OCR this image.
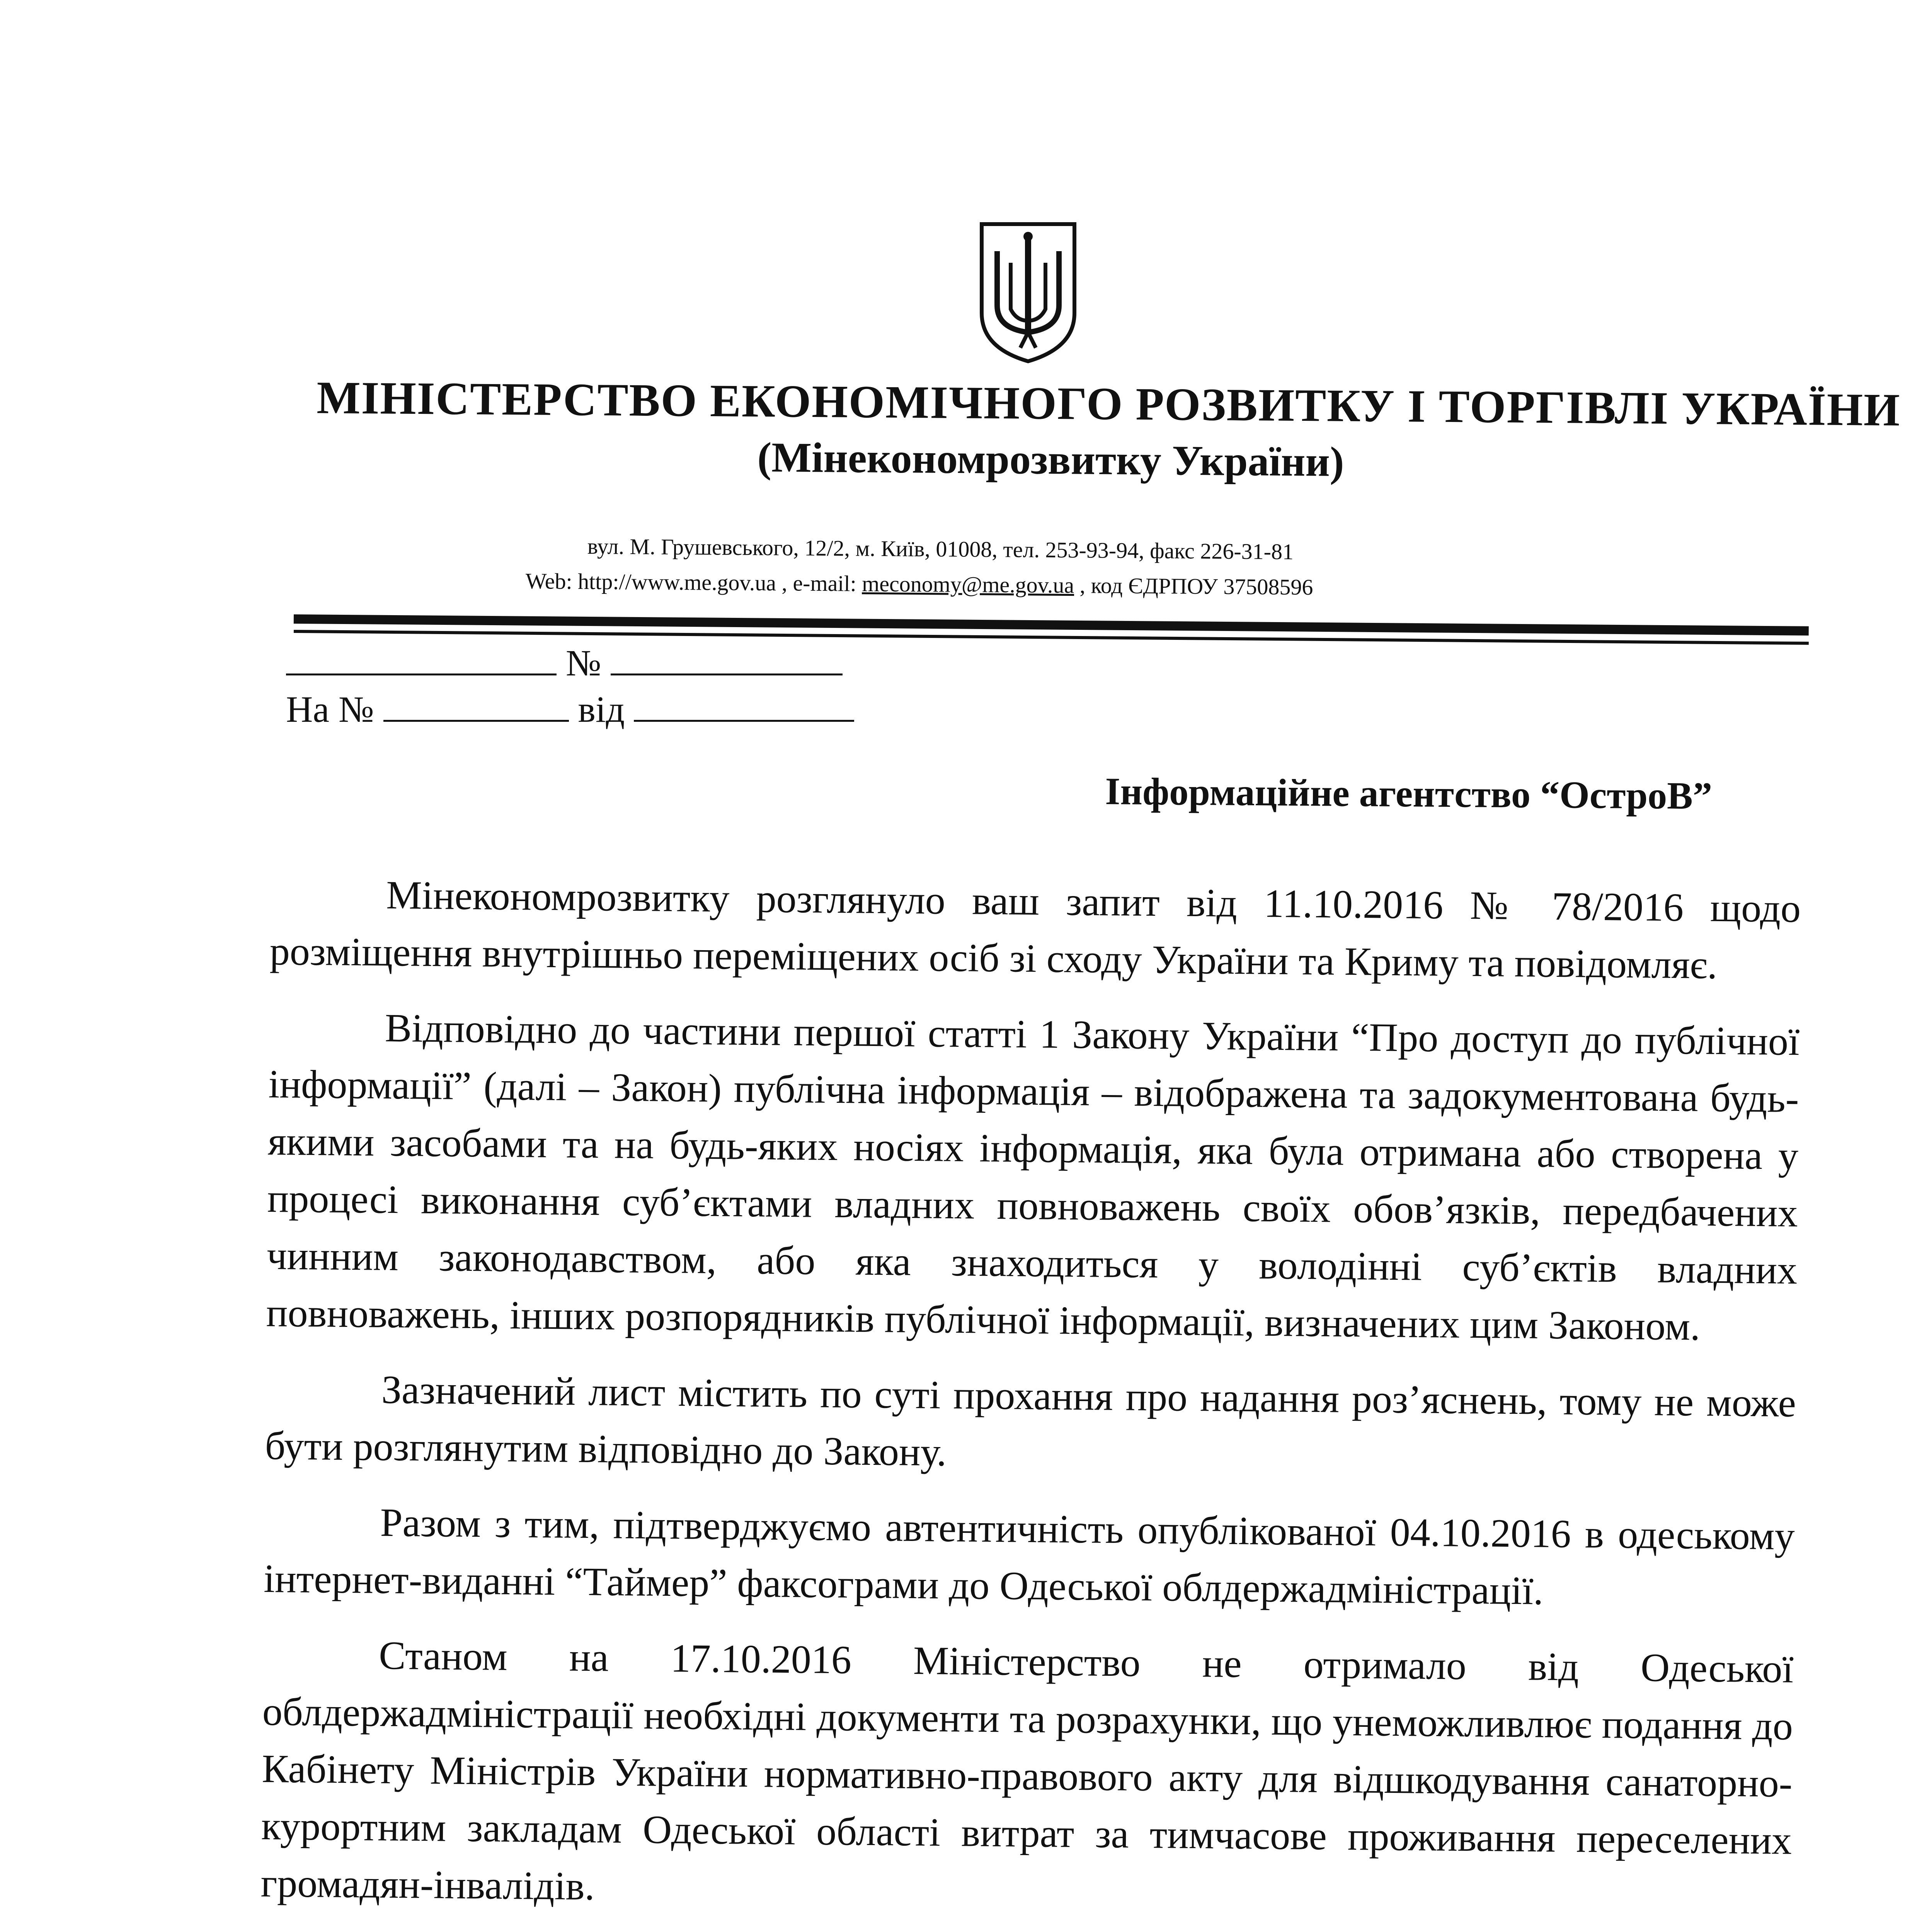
МІНІСТЕРСТВО ЕКОНОМІЧНОГО РОЗВИТКУ І ТОРГІВЛІ УКРАЇНИ
(Мінекономрозвитку України)
вул. М. Грушевського, 12/2, м. Київ, 01008, тел. 253-93-94, факс 226-31-81
Web: http://www.me.gov.ua , e-mail: meconomy@me.gov.ua , код ЄДРПОУ 37508596
№
На №	від
Інформаційне агентство “ОстроВ”

Мінекономрозвитку розглянуло ваш запит від 11.10.2016 № 78/2016 щодо розміщення внутрішньо переміщених осіб зі сходу України та Криму та повідомляє.

Відповідно до частини першої статті 1 Закону України “Про доступ до публічної інформації” (далі – Закон) публічна інформація – відображена та задокументована будь-якими засобами та на будь-яких носіях інформація, яка була отримана або створена у процесі виконання суб’єктами владних повноважень своїх обов’язків, передбачених чинним законодавством, або яка знаходиться у володінні суб’єктів владних повноважень, інших розпорядників публічної інформації, визначених цим Законом.

Зазначений лист містить по суті прохання про надання роз’яснень, тому не може бути розглянутим відповідно до Закону.

Разом з тим, підтверджуємо автентичність опублікованої 04.10.2016 в одеському інтернет-виданні “Таймер” факсограми до Одеської облдержадміністрації.

Станом на 17.10.2016 Міністерство не отримало від Одеської облдержадміністрації необхідні документи та розрахунки, що унеможливлює подання до Кабінету Міністрів України нормативно-правового акту для відшкодування санаторно-курортним закладам Одеської області витрат за тимчасове проживання переселених громадян-інвалідів.
